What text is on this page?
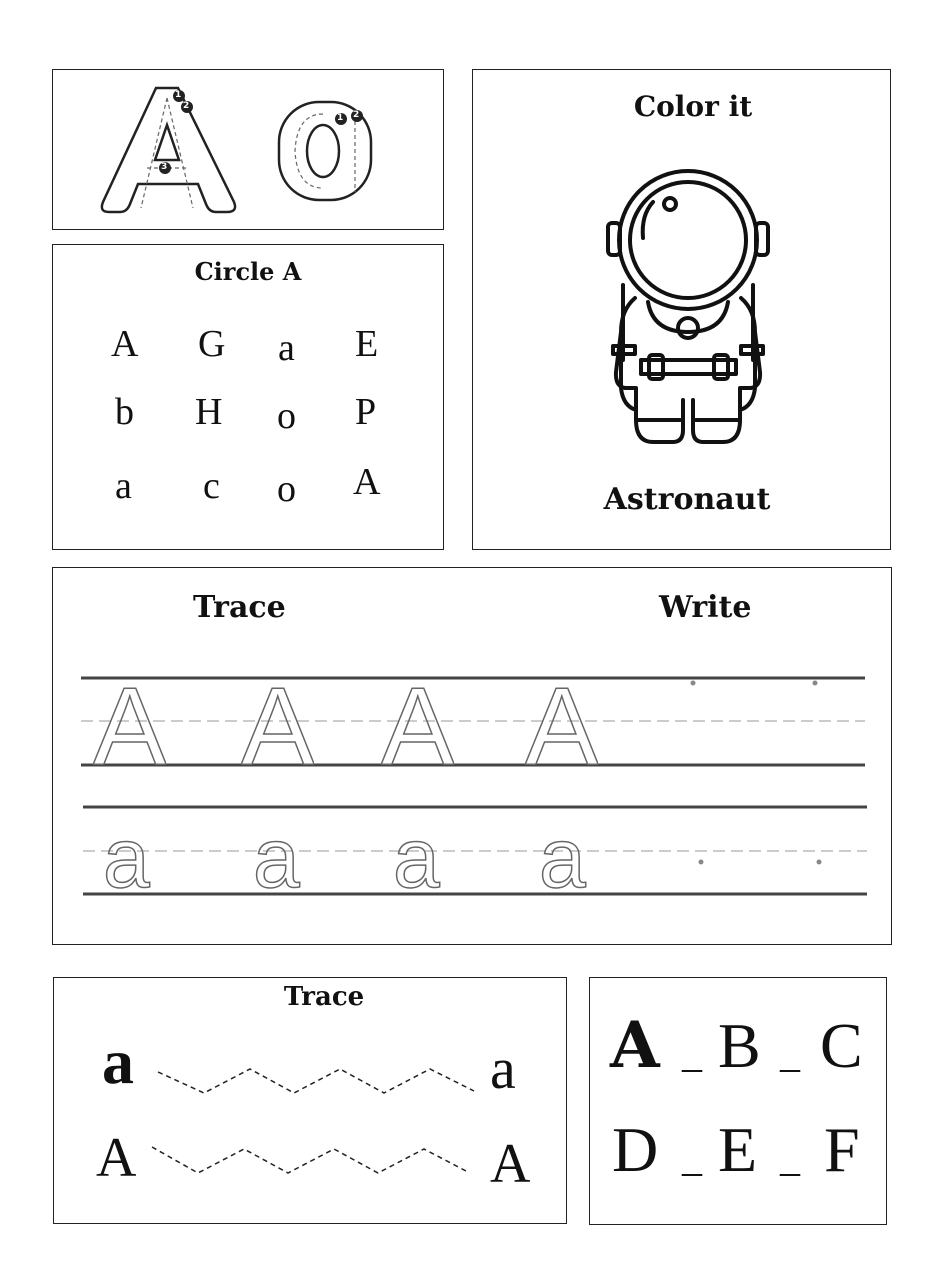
1
2
3
1 2
Circle A
A G a E
b H o P
a c o A
Color it
Astronaut
Trace	Write
A A A A
a a a a
Trace
a
A
a
A
A _ B _ C
D _ E _ F
